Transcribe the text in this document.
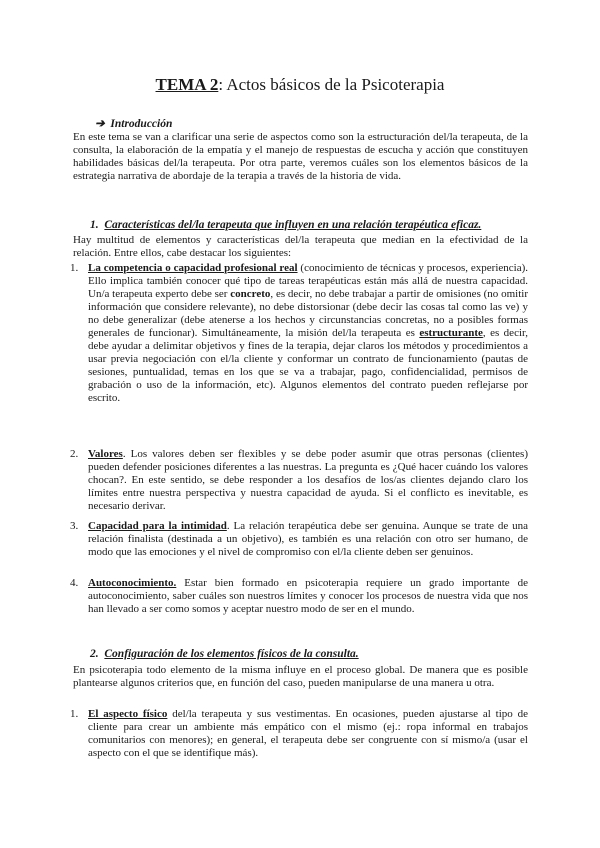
TEMA 2: Actos básicos de la Psicoterapia
➔ Introducción
En este tema se van a clarificar una serie de aspectos como son la estructuración del/la terapeuta, de la consulta, la elaboración de la empatía y el manejo de respuestas de escucha y acción que constituyen habilidades básicas del/la terapeuta. Por otra parte, veremos cuáles son los elementos básicos de la estrategia narrativa de abordaje de la terapia a través de la historia de vida.
1. Características del/la terapeuta que influyen en una relación terapéutica eficaz.
Hay multitud de elementos y características del/la terapeuta que median en la efectividad de la relación. Entre ellos, cabe destacar los siguientes:
1. La competencia o capacidad profesional real (conocimiento de técnicas y procesos, experiencia). Ello implica también conocer qué tipo de tareas terapéuticas están más allá de nuestra capacidad. Un/a terapeuta experto debe ser concreto, es decir, no debe trabajar a partir de omisiones (no omitir información que considere relevante), no debe distorsionar (debe decir las cosas tal como las ve) y no debe generalizar (debe atenerse a los hechos y circunstancias concretas, no a posibles formas generales de funcionar). Simultáneamente, la misión del/la terapeuta es estructurante, es decir, debe ayudar a delimitar objetivos y fines de la terapia, dejar claros los métodos y procedimientos a usar previa negociación con el/la cliente y conformar un contrato de funcionamiento (pautas de sesiones, puntualidad, temas en los que se va a trabajar, pago, confidencialidad, permisos de grabación o uso de la información, etc). Algunos elementos del contrato pueden reflejarse por escrito.
2. Valores. Los valores deben ser flexibles y se debe poder asumir que otras personas (clientes) pueden defender posiciones diferentes a las nuestras. La pregunta es ¿Qué hacer cuándo los valores chocan?. En este sentido, se debe responder a los desafíos de los/as clientes dejando claro los límites entre nuestra perspectiva y nuestra capacidad de ayuda. Si el conflicto es inevitable, es necesario derivar.
3. Capacidad para la intimidad. La relación terapéutica debe ser genuina. Aunque se trate de una relación finalista (destinada a un objetivo), es también es una relación con otro ser humano, de modo que las emociones y el nivel de compromiso con el/la cliente deben ser genuinos.
4. Autoconocimiento. Estar bien formado en psicoterapia requiere un grado importante de autoconocimiento, saber cuáles son nuestros límites y conocer los procesos de nuestra vida que nos han llevado a ser como somos y aceptar nuestro modo de ser en el mundo.
2. Configuración de los elementos físicos de la consulta.
En psicoterapia todo elemento de la misma influye en el proceso global. De manera que es posible plantearse algunos criterios que, en función del caso, pueden manipularse de una manera u otra.
1. El aspecto físico del/la terapeuta y sus vestimentas. En ocasiones, pueden ajustarse al tipo de cliente para crear un ambiente más empático con el mismo (ej.: ropa informal en trabajos comunitarios con menores); en general, el terapeuta debe ser congruente con sí mismo/a (usar el aspecto con el que se identifique más).
